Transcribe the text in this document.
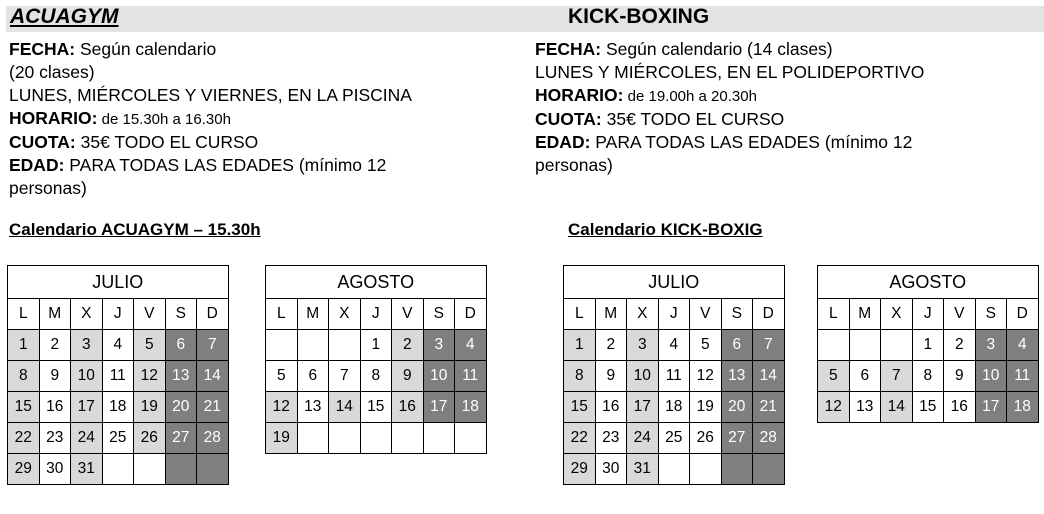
ACUAGYM	KICK-BOXING
FECHA: Según calendario
(20 clases)
LUNES, MIÉRCOLES Y VIERNES, EN LA PISCINA
HORARIO: de 15.30h a 16.30h
CUOTA: 35€ TODO EL CURSO
EDAD: PARA TODAS LAS EDADES (mínimo 12
personas)
FECHA: Según calendario (14 clases)
LUNES Y MIÉRCOLES, EN EL POLIDEPORTIVO
HORARIO: de 19.00h a 20.30h
CUOTA: 35€ TODO EL CURSO
EDAD: PARA TODAS LAS EDADES (mínimo 12
personas)
Calendario ACUAGYM – 15.30h	Calendario KICK-BOXIG
JULIO						
L	M	X	J	V	S	D
1	2	3	4	5	6	7
8	9	10	11	12	13	14
15	16	17	18	19	20	21
22	23	24	25	26	27	28
29	30	31				
AGOSTO						
L	M	X	J	V	S	D
			1	2	3	4
5	6	7	8	9	10	11
12	13	14	15	16	17	18
19						
JULIO						
L	M	X	J	V	S	D
1	2	3	4	5	6	7
8	9	10	11	12	13	14
15	16	17	18	19	20	21
22	23	24	25	26	27	28
29	30	31				
AGOSTO						
L	M	X	J	V	S	D
			1	2	3	4
5	6	7	8	9	10	11
12	13	14	15	16	17	18
